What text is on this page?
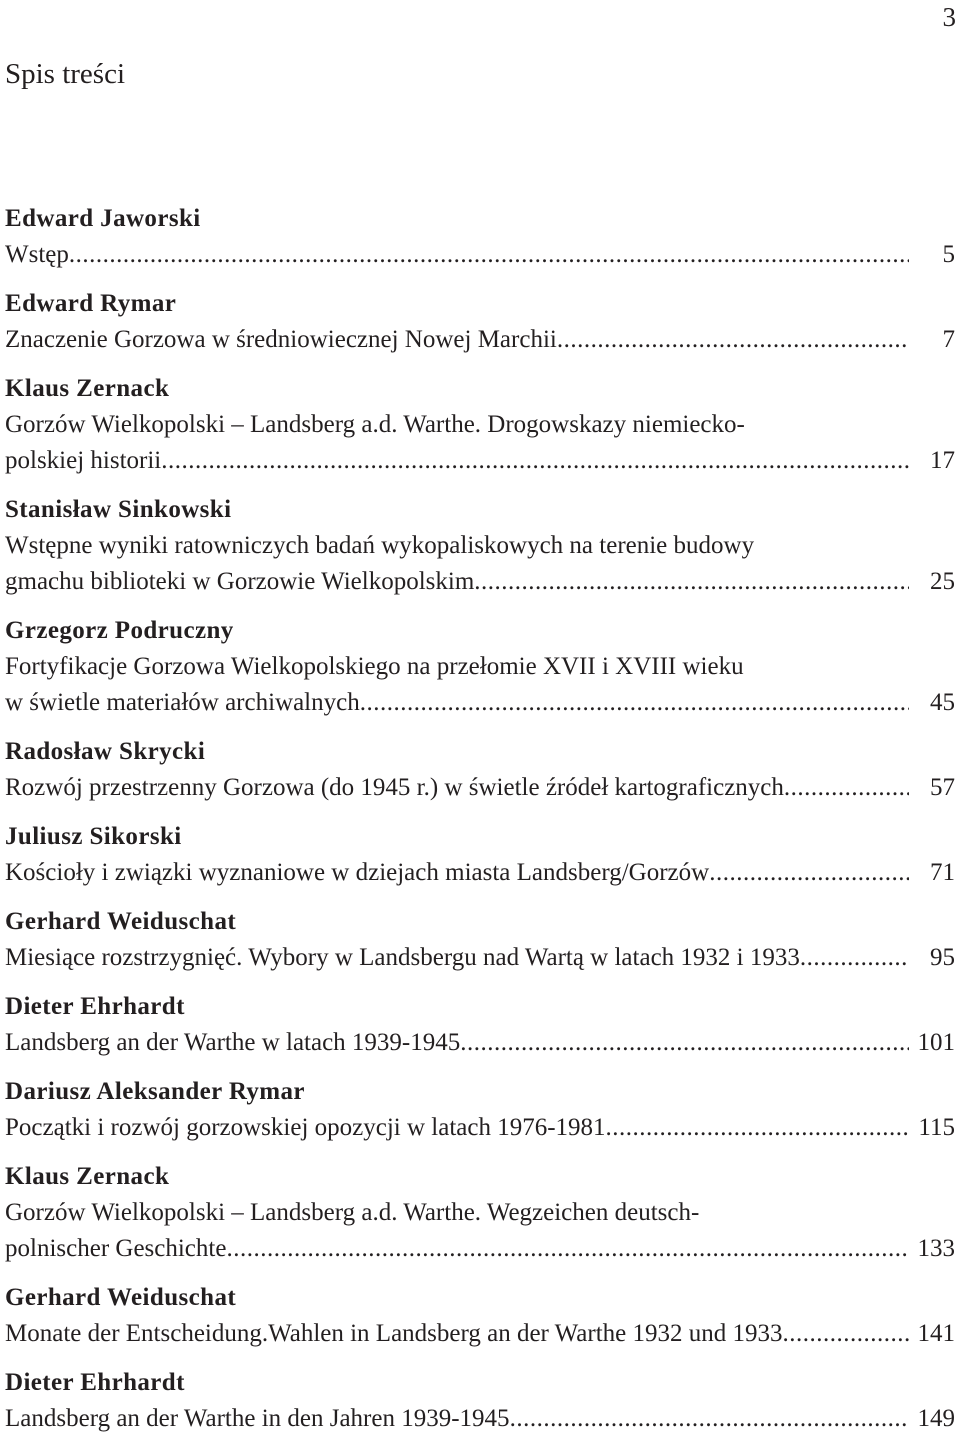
3
Spis treści
Edward Jaworski
Wstęp .....	5
Edward Rymar
Znaczenie Gorzowa w średniowiecznej Nowej Marchii .....	7
Klaus Zernack
Gorzów Wielkopolski – Landsberg a.d. Warthe. Drogowskazy niemiecko-
polskiej historii .....	17
Stanisław Sinkowski
Wstępne wyniki ratowniczych badań wykopaliskowych na terenie budowy
gmachu biblioteki w Gorzowie Wielkopolskim .....	25
Grzegorz Podruczny
Fortyfikacje Gorzowa Wielkopolskiego na przełomie XVII i XVIII wieku
w świetle materiałów archiwalnych .....	45
Radosław Skrycki
Rozwój przestrzenny Gorzowa (do 1945 r.) w świetle źródeł kartograficznych .....	57
Juliusz Sikorski
Kościoły i związki wyznaniowe w dziejach miasta Landsberg/Gorzów .....	71
Gerhard Weiduschat
Miesiące rozstrzygnięć. Wybory w Landsbergu nad Wartą w latach 1932 i 1933 .....	95
Dieter Ehrhardt
Landsberg an der Warthe w latach 1939-1945 .....	101
Dariusz Aleksander Rymar
Początki i rozwój gorzowskiej opozycji w latach 1976-1981 .....	115
Klaus Zernack
Gorzów Wielkopolski – Landsberg a.d. Warthe. Wegzeichen deutsch-
polnischer Geschichte .....	133
Gerhard Weiduschat
Monate der Entscheidung.Wahlen in Landsberg an der Warthe 1932 und 1933 .....	141
Dieter Ehrhardt
Landsberg an der Warthe in den Jahren 1939-1945 .....	149
